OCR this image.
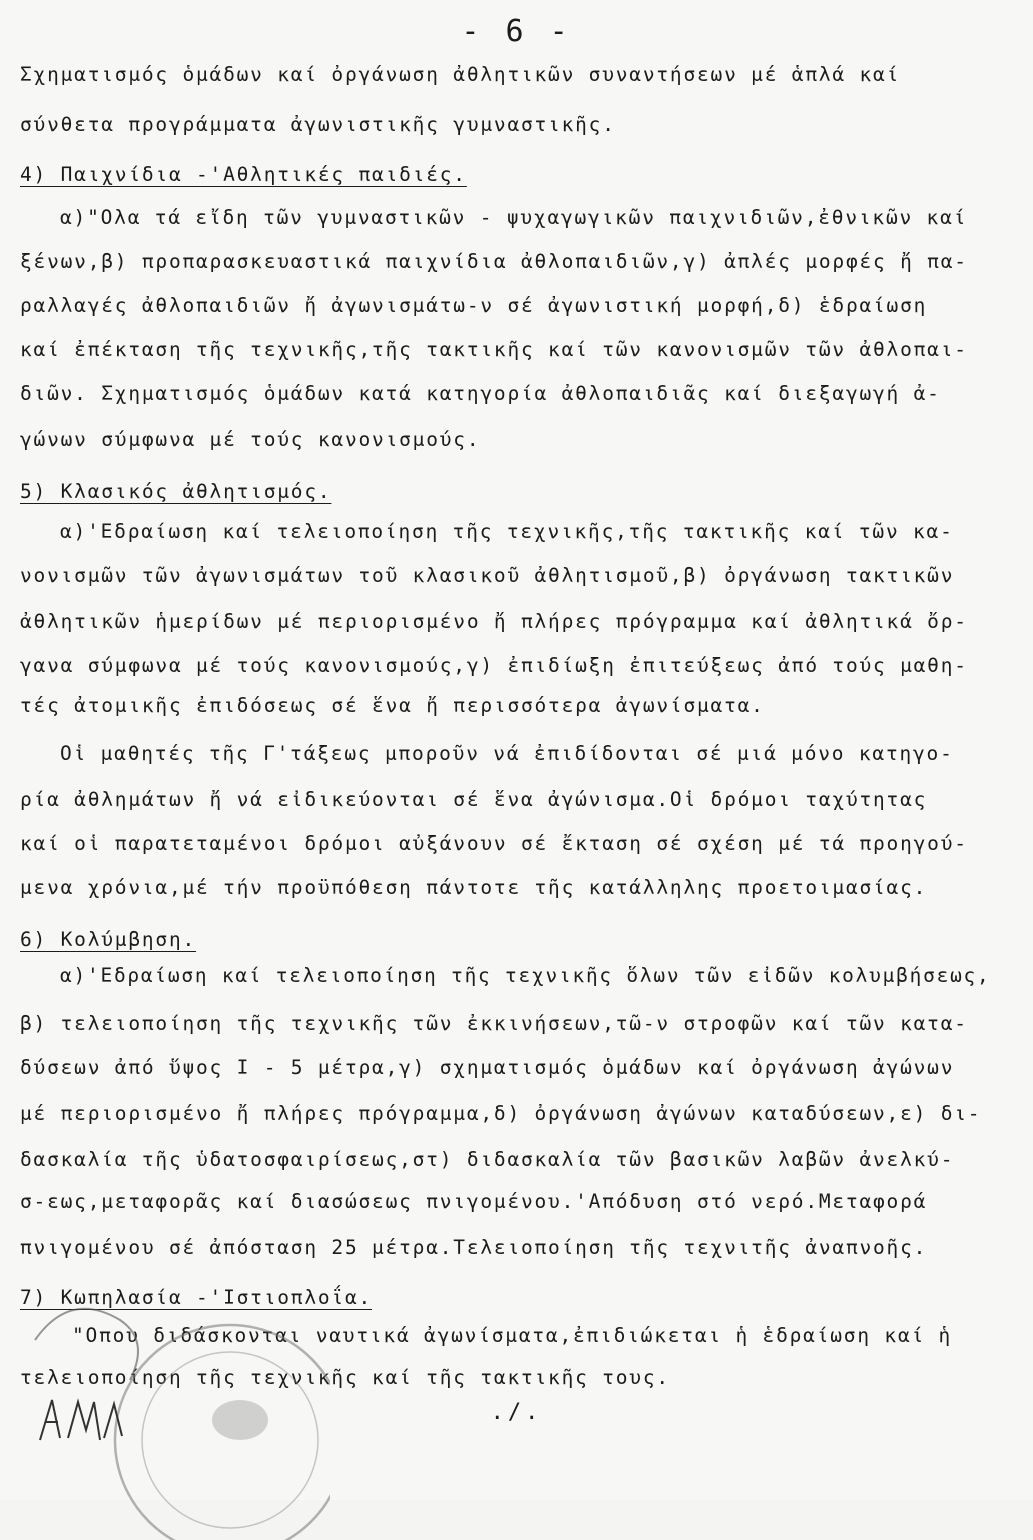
- 6 -
Σχηματισμός ὁμάδων καί ὀργάνωση ἀθλητικῶν συναντήσεων μέ ἁπλά καί
σύνθετα προγράμματα ἀγωνιστικῆς γυμναστικῆς.
4) Παιχνίδια -'Αθλητικές παιδιές.
α)"Ολα τά εἴδη τῶν γυμναστικῶν - ψυχαγωγικῶν παιχνιδιῶν,ἐθνικῶν καί
ξένων,β) προπαρασκευαστικά παιχνίδια ἀθλοπαιδιῶν,γ) ἀπλές μορφές ἤ πα-
ραλλαγές ἀθλοπαιδιῶν ἤ ἀγωνισμάτω-ν σέ ἀγωνιστική μορφή,δ) ἑδραίωση
καί ἐπέκταση τῆς τεχνικῆς,τῆς τακτικῆς καί τῶν κανονισμῶν τῶν ἀθλοπαι-
διῶν. Σχηματισμός ὁμάδων κατά κατηγορία ἀθλοπαιδιᾶς καί διεξαγωγή ἀ-
γώνων σύμφωνα μέ τούς κανονισμούς.
5) Κλασικός ἀθλητισμός.
α)'Εδραίωση καί τελειοποίηση τῆς τεχνικῆς,τῆς τακτικῆς καί τῶν κα-
νονισμῶν τῶν ἀγωνισμάτων τοῦ κλασικοῦ ἀθλητισμοῦ,β) ὀργάνωση τακτικῶν
ἀθλητικῶν ἡμερίδων μέ περιορισμένο ἤ πλήρες πρόγραμμα καί ἀθλητικά ὄρ-
γανα σύμφωνα μέ τούς κανονισμούς,γ) ἐπιδίωξη ἐπιτεύξεως ἀπό τούς μαθη-
τές ἀτομικῆς ἐπιδόσεως σέ ἕνα ἤ περισσότερα ἀγωνίσματα.
Οἱ μαθητές τῆς Γ'τάξεως μποροῦν νά ἐπιδίδονται σέ μιά μόνο κατηγο-
ρία ἀθλημάτων ἤ νά εἰδικεύονται σέ ἕνα ἀγώνισμα.Οἱ δρόμοι ταχύτητας
καί οἱ παρατεταμένοι δρόμοι αὐξάνουν σέ ἔκταση σέ σχέση μέ τά προηγού-
μενα χρόνια,μέ τήν προϋπόθεση πάντοτε τῆς κατάλληλης προετοιμασίας.
6) Κολύμβηση.
α)'Εδραίωση καί τελειοποίηση τῆς τεχνικῆς ὅλων τῶν εἰδῶν κολυμβήσεως,
β) τελειοποίηση τῆς τεχνικῆς τῶν ἐκκινήσεων,τῶ-ν στροφῶν καί τῶν κατα-
δύσεων ἀπό ὕψος Ι - 5 μέτρα,γ) σχηματισμός ὁμάδων καί ὀργάνωση ἀγώνων
μέ περιορισμένο ἤ πλήρες πρόγραμμα,δ) ὀργάνωση ἀγώνων καταδύσεων,ε) δι-
δασκαλία τῆς ὑδατοσφαιρίσεως,στ) διδασκαλία τῶν βασικῶν λαβῶν ἀνελκύ-
σ-εως,μεταφορᾶς καί διασώσεως πνιγομένου.'Απόδυση στό νερό.Μεταφορά
πνιγομένου σέ ἀπόσταση 25 μέτρα.Τελειοποίηση τῆς τεχνιτῆς ἀναπνοῆς.
7) Κωπηλασία -'Ιστιοπλοΐα.
"Οπου διδάσκονται ναυτικά ἀγωνίσματα,ἐπιδιώκεται ἡ ἑδραίωση καί ἡ
τελειοποίηση τῆς τεχνικῆς καί τῆς τακτικῆς τους.
./.
